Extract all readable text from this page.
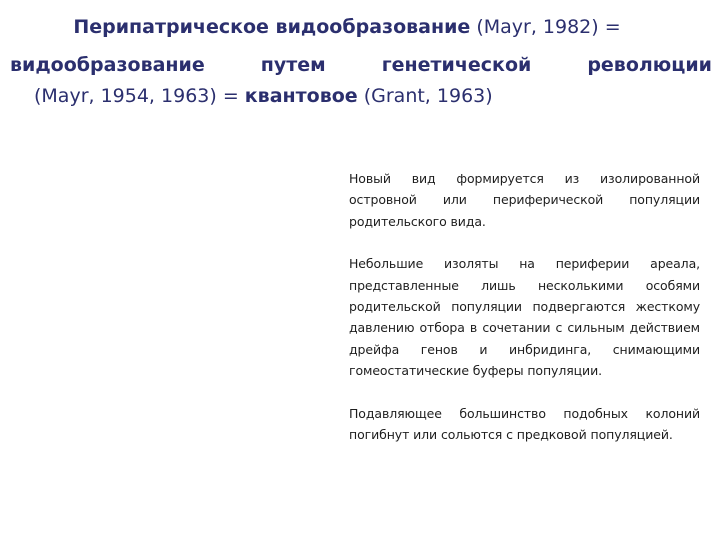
Перипатрическое видообразование (Mayr, 1982) =
видообразование	путем	генетической	революции
(Mayr, 1954, 1963) = квантовое (Grant, 1963)

Новый вид формируется из изолированной островной или периферической популяции родительского вида.

Небольшие изоляты на периферии ареала, представленные лишь несколькими особями родительской популяции подвергаются жесткому давлению отбора в сочетании с сильным действием дрейфа генов и инбридинга, снимающими гомеостатические буферы популяции.

Подавляющее большинство подобных колоний погибнут или сольются с предковой популяцией.
